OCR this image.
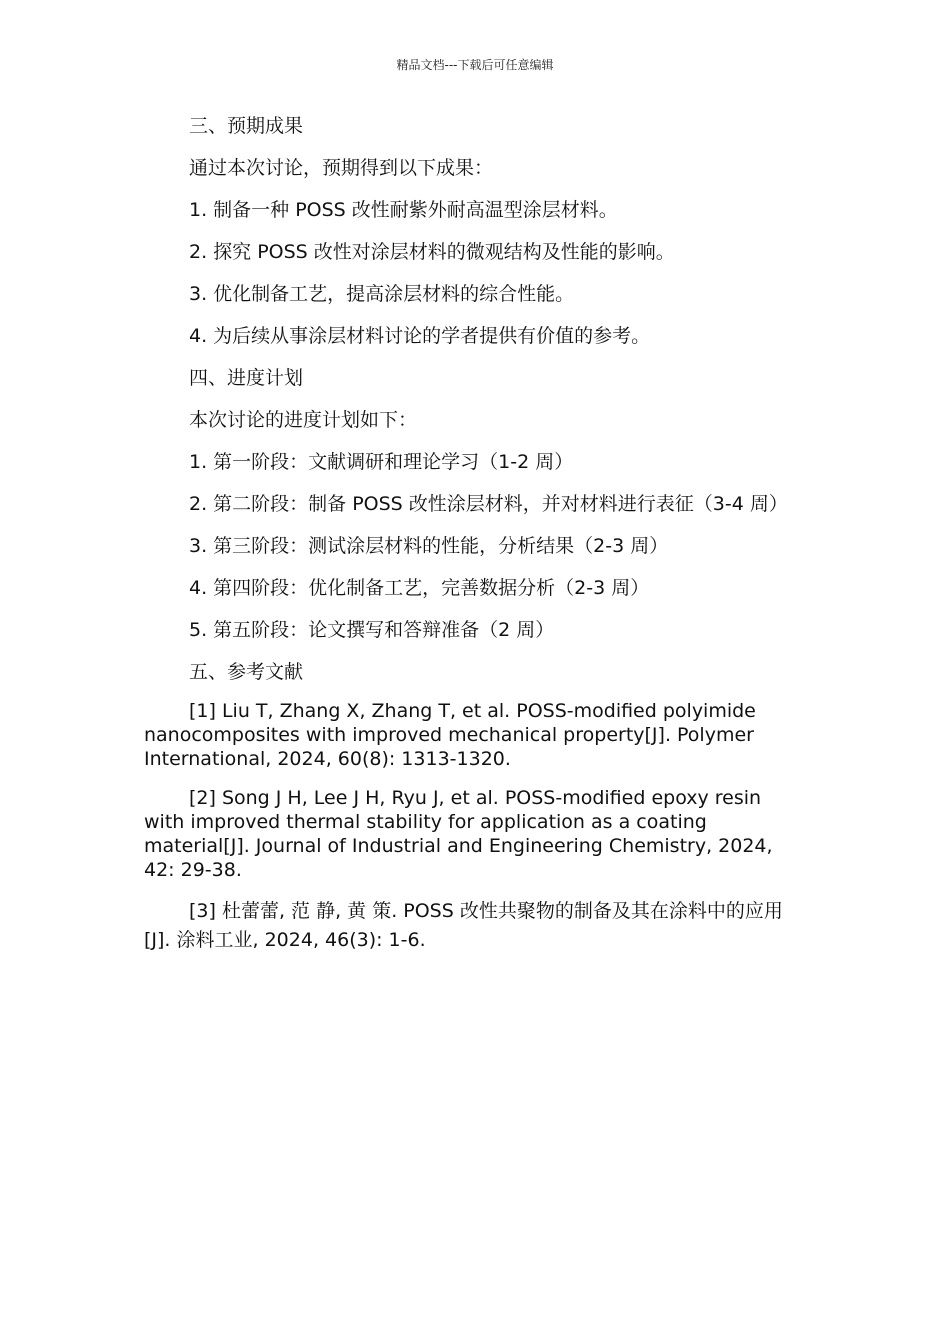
精品文档---下载后可任意编辑

三、预期成果

通过本次讨论，预期得到以下成果：

1. 制备一种 POSS 改性耐紫外耐高温型涂层材料。

2. 探究 POSS 改性对涂层材料的微观结构及性能的影响。

3. 优化制备工艺，提高涂层材料的综合性能。

4. 为后续从事涂层材料讨论的学者提供有价值的参考。

四、进度计划

本次讨论的进度计划如下：

1. 第一阶段：文献调研和理论学习（1-2 周）

2. 第二阶段：制备 POSS 改性涂层材料，并对材料进行表征（3-4 周）

3. 第三阶段：测试涂层材料的性能，分析结果（2-3 周）

4. 第四阶段：优化制备工艺，完善数据分析（2-3 周）

5. 第五阶段：论文撰写和答辩准备（2 周）

五、参考文献

[1] Liu T, Zhang X, Zhang T, et al. POSS-modified polyimide nanocomposites with improved mechanical property[J]. Polymer International, 2024, 60(8): 1313-1320.

[2] Song J H, Lee J H, Ryu J, et al. POSS-modified epoxy resin with improved thermal stability for application as a coating material[J]. Journal of Industrial and Engineering Chemistry, 2024, 42: 29-38.

[3] 杜蕾蕾, 范 静, 黄 策. POSS 改性共聚物的制备及其在涂料中的应用[J]. 涂料工业, 2024, 46(3): 1-6.
